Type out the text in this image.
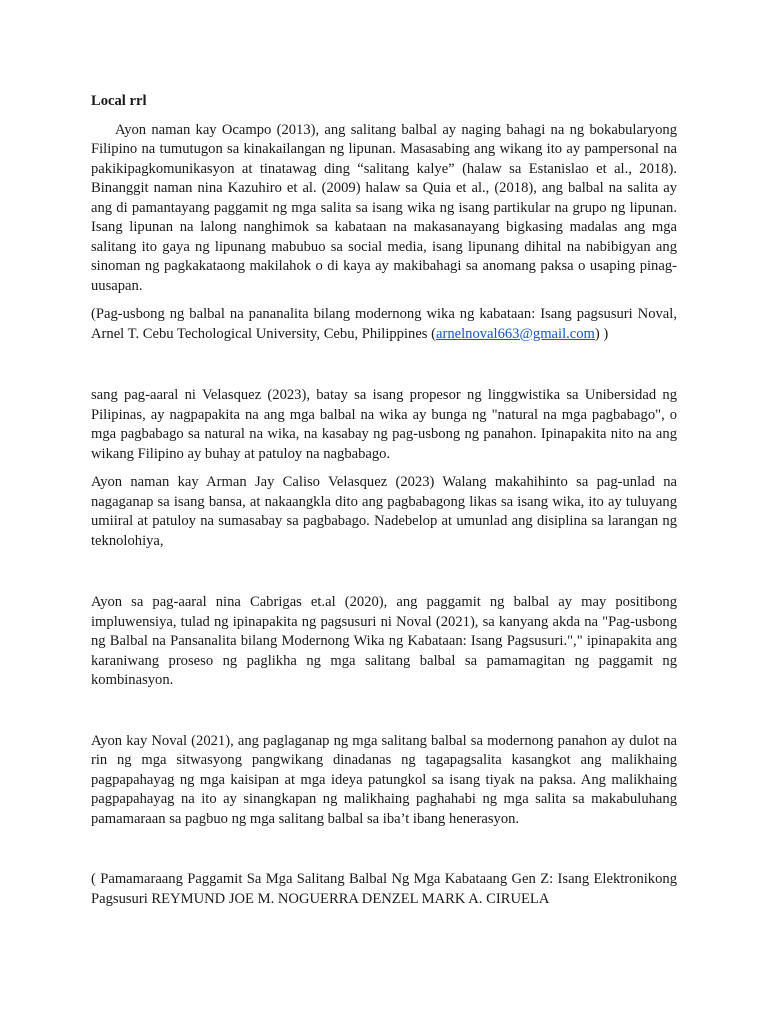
Local rrl

Ayon naman kay Ocampo (2013), ang salitang balbal ay naging bahagi na ng bokabularyong Filipino na tumutugon sa kinakailangan ng lipunan. Masasabing ang wikang ito ay pampersonal na pakikipagkomunikasyon at tinatawag ding “salitang kalye” (halaw sa Estanislao et al., 2018). Binanggit naman nina Kazuhiro et al. (2009) halaw sa Quia et al., (2018), ang balbal na salita ay ang di pamantayang paggamit ng mga salita sa isang wika ng isang partikular na grupo ng lipunan. Isang lipunan na lalong nanghimok sa kabataan na makasanayang bigkasing madalas ang mga salitang ito gaya ng lipunang mabubuo sa social media, isang lipunang dihital na nabibigyan ang sinoman ng pagkakataong makilahok o di kaya ay makibahagi sa anomang paksa o usaping pinag-uusapan.

(Pag-usbong ng balbal na pananalita bilang modernong wika ng kabataan: Isang pagsusuri Noval, Arnel T. Cebu Techological University, Cebu, Philippines (arnelnoval663@gmail.com) )

sang pag-aaral ni Velasquez (2023), batay sa isang propesor ng linggwistika sa Unibersidad ng Pilipinas, ay nagpapakita na ang mga balbal na wika ay bunga ng "natural na mga pagbabago", o mga pagbabago sa natural na wika, na kasabay ng pag-usbong ng panahon. Ipinapakita nito na ang wikang Filipino ay buhay at patuloy na nagbabago.

Ayon naman kay Arman Jay Caliso Velasquez (2023) Walang makahihinto sa pag-unlad na nagaganap sa isang bansa, at nakaangkla dito ang pagbabagong likas sa isang wika, ito ay tuluyang umiiral at patuloy na sumasabay sa pagbabago. Nadebelop at umunlad ang disiplina sa larangan ng teknolohiya,

Ayon sa pag-aaral nina Cabrigas et.al (2020), ang paggamit ng balbal ay may positibong impluwensiya, tulad ng ipinapakita ng pagsusuri ni Noval (2021), sa kanyang akda na "Pag-usbong ng Balbal na Pansanalita bilang Modernong Wika ng Kabataan: Isang Pagsusuri."," ipinapakita ang karaniwang proseso ng paglikha ng mga salitang balbal sa pamamagitan ng paggamit ng kombinasyon.

Ayon kay Noval (2021), ang paglaganap ng mga salitang balbal sa modernong panahon ay dulot na rin ng mga sitwasyong pangwikang dinadanas ng tagapagsalita kasangkot ang malikhaing pagpapahayag ng mga kaisipan at mga ideya patungkol sa isang tiyak na paksa. Ang malikhaing pagpapahayag na ito ay sinangkapan ng malikhaing paghahabi ng mga salita sa makabuluhang pamamaraan sa pagbuo ng mga salitang balbal sa iba’t ibang henerasyon.

( Pamamaraang Paggamit Sa Mga Salitang Balbal Ng Mga Kabataang Gen Z: Isang Elektronikong Pagsusuri REYMUND JOE M. NOGUERRA DENZEL MARK A. CIRUELA
